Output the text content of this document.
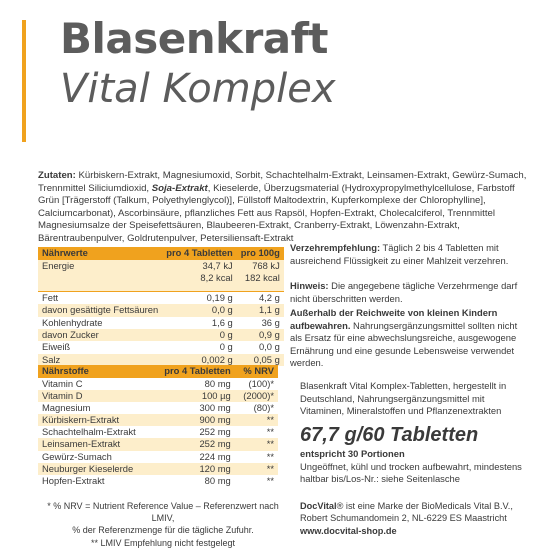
Blasenkraft
Vital Komplex
Zutaten: Kürbiskern-Extrakt, Magnesiumoxid, Sorbit, Schachtelhalm-Extrakt, Leinsamen-Extrakt, Gewürz-Sumach, Trennmittel Siliciumdioxid, Soja-Extrakt, Kieselerde, Überzugsmaterial (Hydroxypropylmethylcellulose, Farbstoff Grün [Trägerstoff (Talkum, Polyethylenglycol)], Füllstoff Maltodextrin, Kupferkomplexe der Chlorophylline], Calciumcarbonat), Ascorbinsäure, pflanzliches Fett aus Rapsöl, Hopfen-Extrakt, Cholecalciferol, Trennmittel Magnesiumsalze der Speisefettsäuren, Blaubeeren-Extrakt, Cranberry-Extrakt, Löwenzahn-Extrakt, Bärentraubenpulver, Goldrutenpulver, Petersiliensaft-Extrakt
Nährwerte	pro 4 Tabletten	pro 100g
Energie	34,7 kJ	768 kJ
	8,2 kcal	182 kcal

Fett	0,19 g	4,2 g
davon gesättigte Fettsäuren	0,0 g	1,1 g
Kohlenhydrate	1,6 g	36 g
davon Zucker	0 g	0,9 g
Eiweiß	0 g	0,0 g
Salz	0,002 g	0,05 g
Nährstoffe	pro 4 Tabletten	% NRV
Vitamin C	80 mg	(100)*
Vitamin D	100 µg	(2000)*
Magnesium	300 mg	(80)*
Kürbiskern-Extrakt	900 mg	**
Schachtelhalm-Extrakt	252 mg	**
Leinsamen-Extrakt	252 mg	**
Gewürz-Sumach	224 mg	**
Neuburger Kieselerde	120 mg	**
Hopfen-Extrakt	80 mg	**
* % NRV = Nutrient Reference Value – Referenzwert nach LMIV,
% der Referenzmenge für die tägliche Zufuhr.
** LMIV Empfehlung nicht festgelegt
Verzehrempfehlung: Täglich 2 bis 4 Tabletten mit ausreichend Flüssigkeit zu einer Mahlzeit verzehren.
Hinweis: Die angegebene tägliche Verzehrmenge darf nicht überschritten werden.
Außerhalb der Reichweite von kleinen Kindern aufbewahren. Nahrungsergänzungsmittel sollten nicht als Ersatz für eine abwechslungsreiche, ausgewogene Ernährung und eine gesunde Lebensweise verwendet werden.
Blasenkraft Vital Komplex-Tabletten, hergestellt in Deutschland, Nahrungsergänzungsmittel mit Vitaminen, Mineralstoffen und Pflanzenextrakten
67,7 g/60 Tabletten
entspricht 30 Portionen
Ungeöffnet, kühl und trocken aufbewahrt, mindestens haltbar bis/Los-Nr.: siehe Seitenlasche
DocVital® ist eine Marke der BioMedicals Vital B.V.,
Robert Schumandomein 2, NL-6229 ES Maastricht
www.docvital-shop.de
